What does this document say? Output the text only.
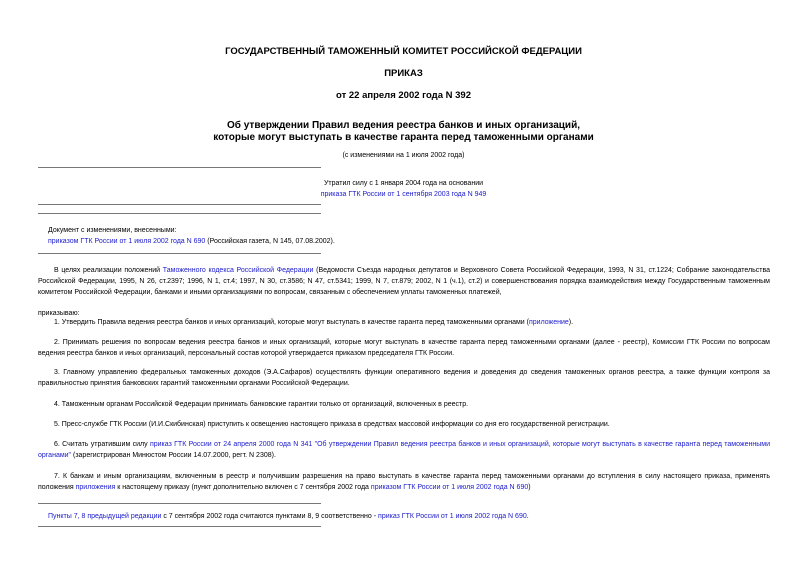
ГОСУДАРСТВЕННЫЙ ТАМОЖЕННЫЙ КОМИТЕТ РОССИЙСКОЙ ФЕДЕРАЦИИ
ПРИКАЗ
от 22 апреля 2002 года N 392
Об утверждении Правил ведения реестра банков и иных организаций,
которые могут выступать в качестве гаранта перед таможенными органами
(с изменениями на 1 июля 2002 года)
Утратил силу с 1 января 2004 года на основании
приказа ГТК России от 1 сентября 2003 года N 949
Документ с изменениями, внесенными:
приказом ГТК России от 1 июля 2002 года N 690 (Российская газета, N 145, 07.08.2002).
В целях реализации положений Таможенного кодекса Российской Федерации (Ведомости Съезда народных депутатов и Верховного Совета Российской Федерации, 1993, N 31, ст.1224; Собрание законодательства Российской Федерации, 1995, N 26, ст.2397; 1996, N 1, ст.4; 1997, N 30, ст.3586; N 47, ст.5341; 1999, N 7, ст.879; 2002, N 1 (ч.1), ст.2) и совершенствования порядка взаимодействия между Государственным таможенным комитетом Российской Федерации, банками и иными организациями по вопросам, связанным с обеспечением уплаты таможенных платежей,
приказываю:
1. Утвердить Правила ведения реестра банков и иных организаций, которые могут выступать в качестве гаранта перед таможенными органами (приложение).
2. Принимать решения по вопросам ведения реестра банков и иных организаций, которые могут выступать в качестве гаранта перед таможенными органами (далее - реестр), Комиссии ГТК России по вопросам ведения реестра банков и иных организаций, персональный состав которой утверждается приказом председателя ГТК России.
3. Главному управлению федеральных таможенных доходов (Э.А.Сафаров) осуществлять функции оперативного ведения и доведения до сведения таможенных органов реестра, а также функции контроля за правильностью принятия банковских гарантий таможенными органами Российской Федерации.
4. Таможенным органам Российской Федерации принимать банковские гарантии только от организаций, включенных в реестр.
5. Пресс-службе ГТК России (И.И.Скибинская) приступить к освещению настоящего приказа в средствах массовой информации со дня его государственной регистрации.
6. Считать утратившим силу приказ ГТК России от 24 апреля 2000 года N 341 "Об утверждении Правил ведения реестра банков и иных организаций, которые могут выступать в качестве гаранта перед таможенными органами" (зарегистрирован Минюстом России 14.07.2000, регт. N 2308).
7. К банкам и иным организациям, включенным в реестр и получившим разрешения на право выступать в качестве гаранта перед таможенными органами до вступления в силу настоящего приказа, применять положения приложения к настоящему приказу (пункт дополнительно включен с 7 сентября 2002 года приказом ГТК России от 1 июля 2002 года N 690)
Пункты 7, 8 предыдущей редакции с 7 сентября 2002 года считаются пунктами 8, 9 соответственно - приказ ГТК России от 1 июля 2002 года N 690.
